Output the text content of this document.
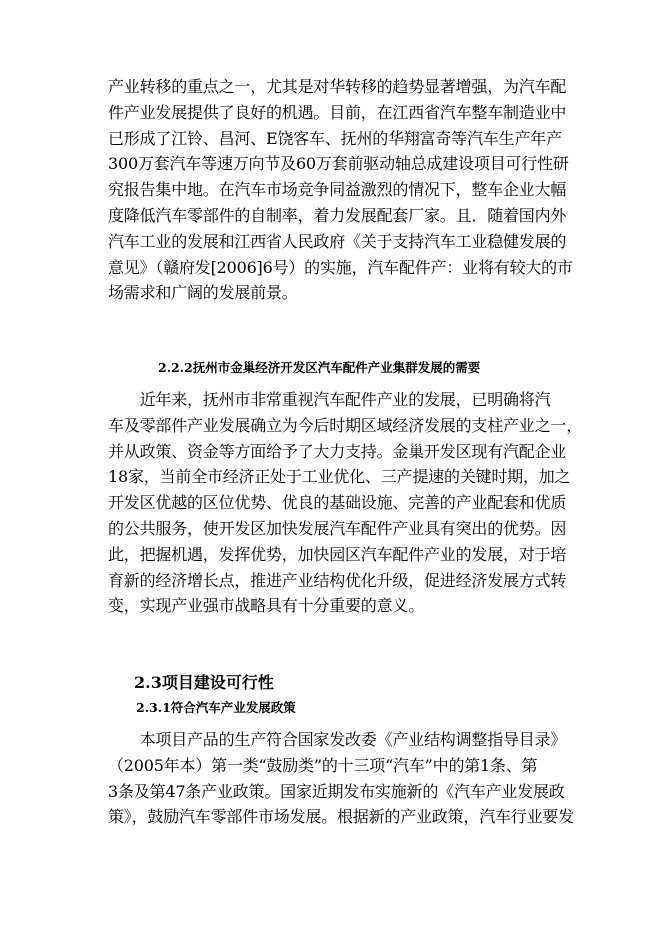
产业转移的重点之一，尤其是对华转移的趋势显著增强，为汽车配
件产业发展提供了良好的机遇。目前，在江西省汽车整车制造业中
已形成了江铃、昌河、E饶客车、抚州的华翔富奇等汽车生产年产
300万套汽车等速万向节及60万套前驱动轴总成建设项目可行性研
究报告集中地。在汽车市场竞争同益激烈的情况下，整车企业大幅
度降低汽车零部件的自制率，着力发展配套厂家。且．随着国内外
汽车工业的发展和江西省人民政府《关于支持汽车工业稳健发展的
意见》（赣府发[2006]6号）的实施，汽车配件产：业将有较大的市
场需求和广阔的发展前景。
2.2.2抚州市金巢经济开发区汽车配件产业集群发展的需要
　　近年来，抚州市非常重视汽车配件产业的发展，已明确将汽
车及零部件产业发展确立为今后时期区域经济发展的支柱产业之一，
并从政策、资金等方面给予了大力支持。金巢开发区现有汽配企业
18家，当前全市经济正处于工业优化、三产提速的关键时期，加之
开发区优越的区位优势、优良的基础设施、完善的产业配套和优质
的公共服务，使开发区加快发展汽车配件产业具有突出的优势。因
此，把握机遇，发挥优势，加快园区汽车配件产业的发展，对于培
育新的经济增长点，推进产业结构优化升级，促进经济发展方式转
变，实现产业强市战略具有十分重要的意义。
2.3项目建设可行性
2.3.1符合汽车产业发展政策
　　本项目产品的生产符合国家发改委《产业结构调整指导目录》
（2005年本）第一类“鼓励类”的十三项“汽车”中的第1条、第
3条及第47条产业政策。国家近期发布实施新的《汽车产业发展政
策》，鼓励汽车零部件市场发展。根据新的产业政策，汽车行业要发
